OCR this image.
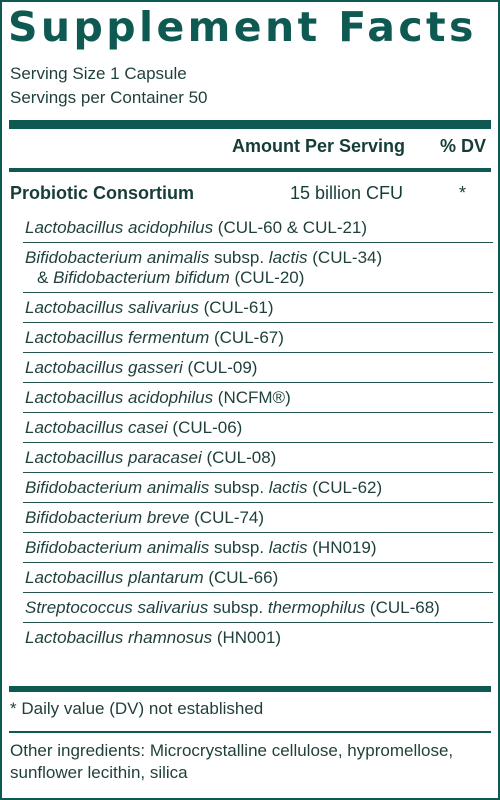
Supplement Facts
Serving Size 1 Capsule
Servings per Container 50
Amount Per Serving % DV
Probiotic Consortium	15 billion CFU	*
Lactobacillus acidophilus (CUL-60 & CUL-21)
Bifidobacterium animalis subsp. lactis (CUL-34)
& Bifidobacterium bifidum (CUL-20)
Lactobacillus salivarius (CUL-61)
Lactobacillus fermentum (CUL-67)
Lactobacillus gasseri (CUL-09)
Lactobacillus acidophilus (NCFM®)
Lactobacillus casei (CUL-06)
Lactobacillus paracasei (CUL-08)
Bifidobacterium animalis subsp. lactis (CUL-62)
Bifidobacterium breve (CUL-74)
Bifidobacterium animalis subsp. lactis (HN019)
Lactobacillus plantarum (CUL-66)
Streptococcus salivarius subsp. thermophilus (CUL-68)
Lactobacillus rhamnosus (HN001)
* Daily value (DV) not established
Other ingredients: Microcrystalline cellulose, hypromellose, sunflower lecithin, silica
